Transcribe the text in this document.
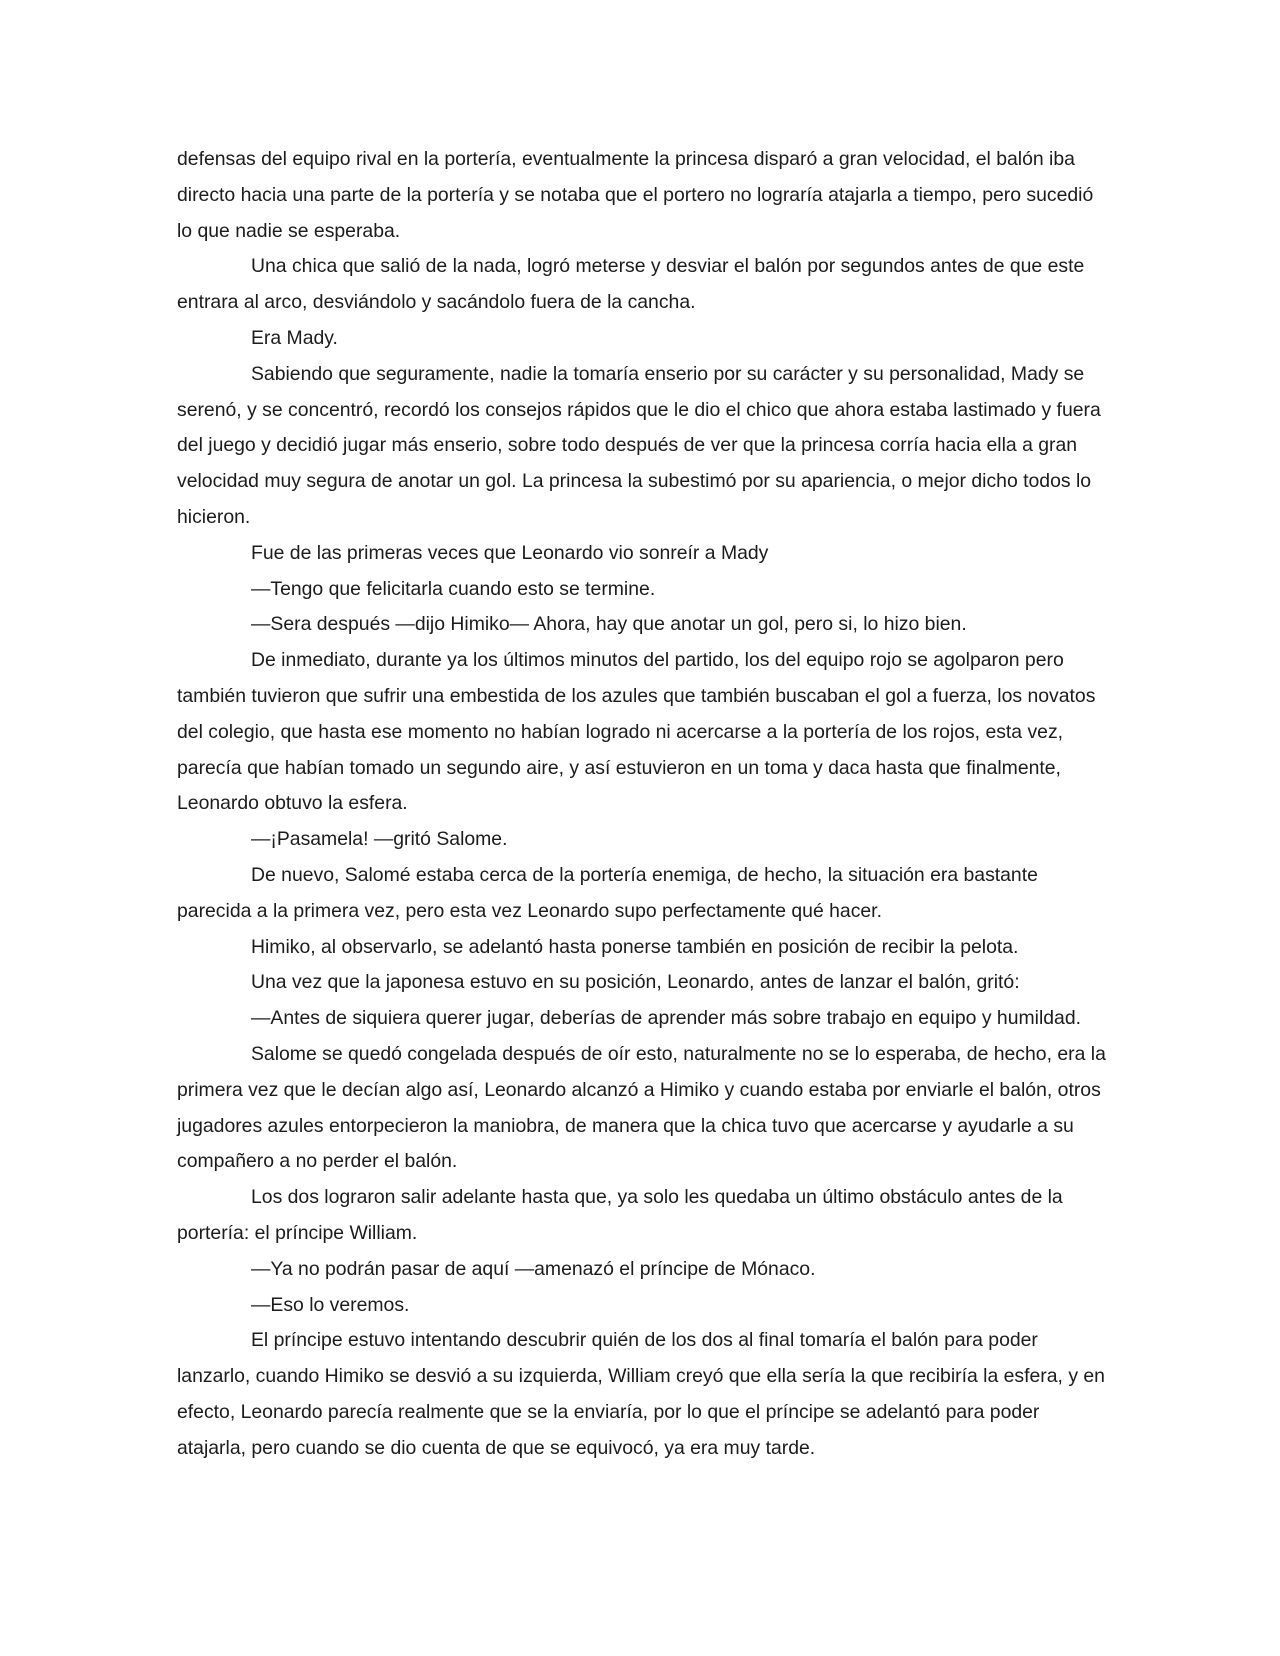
defensas del equipo rival en la portería, eventualmente la princesa disparó a gran velocidad, el balón iba directo hacia una parte de la portería y se notaba que el portero no lograría atajarla a tiempo, pero sucedió lo que nadie se esperaba.

Una chica que salió de la nada, logró meterse y desviar el balón por segundos antes de que este entrara al arco, desviándolo y sacándolo fuera de la cancha.

Era Mady.

Sabiendo que seguramente, nadie la tomaría enserio por su carácter y su personalidad, Mady se serenó, y se concentró, recordó los consejos rápidos que le dio el chico que ahora estaba lastimado y fuera del juego y decidió jugar más enserio, sobre todo después de ver que la princesa corría hacia ella a gran velocidad muy segura de anotar un gol. La princesa la subestimó por su apariencia, o mejor dicho todos lo hicieron.

Fue de las primeras veces que Leonardo vio sonreír a Mady

—Tengo que felicitarla cuando esto se termine.

—Sera después —dijo Himiko— Ahora, hay que anotar un gol, pero si, lo hizo bien.

De inmediato, durante ya los últimos minutos del partido, los del equipo rojo se agolparon pero también tuvieron que sufrir una embestida de los azules que también buscaban el gol a fuerza, los novatos del colegio, que hasta ese momento no habían logrado ni acercarse a la portería de los rojos, esta vez, parecía que habían tomado un segundo aire, y así estuvieron en un toma y daca hasta que finalmente, Leonardo obtuvo la esfera.

—¡Pasamela! —gritó Salome.

De nuevo, Salomé estaba cerca de la portería enemiga, de hecho, la situación era bastante parecida a la primera vez, pero esta vez Leonardo supo perfectamente qué hacer.

Himiko, al observarlo, se adelantó hasta ponerse también en posición de recibir la pelota.

Una vez que la japonesa estuvo en su posición, Leonardo, antes de lanzar el balón, gritó:

—Antes de siquiera querer jugar, deberías de aprender más sobre trabajo en equipo y humildad.

Salome se quedó congelada después de oír esto, naturalmente no se lo esperaba, de hecho, era la primera vez que le decían algo así, Leonardo alcanzó a Himiko y cuando estaba por enviarle el balón, otros jugadores azules entorpecieron la maniobra, de manera que la chica tuvo que acercarse y ayudarle a su compañero a no perder el balón.

Los dos lograron salir adelante hasta que, ya solo les quedaba un último obstáculo antes de la portería: el príncipe William.

—Ya no podrán pasar de aquí —amenazó el príncipe de Mónaco.

—Eso lo veremos.

El príncipe estuvo intentando descubrir quién de los dos al final tomaría el balón para poder lanzarlo, cuando Himiko se desvió a su izquierda, William creyó que ella sería la que recibiría la esfera, y en efecto, Leonardo parecía realmente que se la enviaría, por lo que el príncipe se adelantó para poder atajarla, pero cuando se dio cuenta de que se equivocó, ya era muy tarde.
